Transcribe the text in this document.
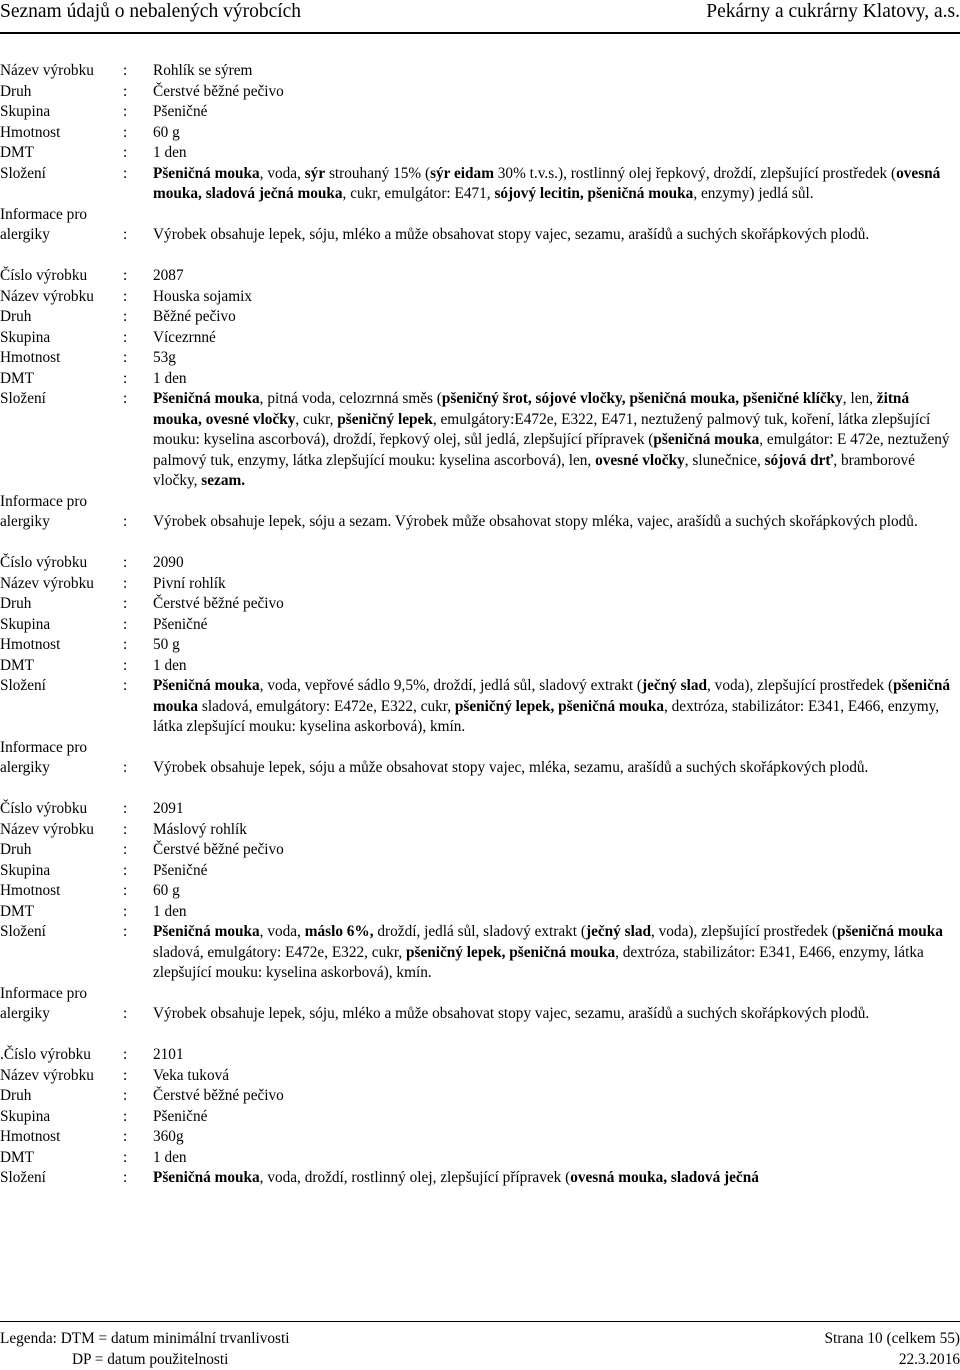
Seznam údajů o nebalených výrobcích	Pekárny a cukrárny Klatovy, a.s.
Název výrobku	:	Rohlík se sýrem
Druh	:	Čerstvé běžné pečivo
Skupina	:	Pšeničné
Hmotnost	:	60 g
DMT	:	1 den
Složení	:	Pšeničná mouka, voda, sýr strouhaný 15% (sýr eidam 30% t.v.s.), rostlinný olej řepkový, droždí, zlepšující prostředek (ovesná mouka, sladová ječná mouka, cukr, emulgátor: E471, sójový lecitin, pšeničná mouka, enzymy) jedlá sůl.
Informace pro
alergiky	:	Výrobek obsahuje lepek, sóju, mléko a může obsahovat stopy vajec, sezamu, arašídů a suchých skořápkových plodů.
Číslo výrobku	:	2087
Název výrobku	:	Houska sojamix
Druh	:	Běžné pečivo
Skupina	:	Vícezrnné
Hmotnost	:	53g
DMT	:	1 den
Složení	:	Pšeničná mouka, pitná voda, celozrnná směs (pšeničný šrot, sójové vločky, pšeničná mouka, pšeničné klíčky, len, žitná mouka, ovesné vločky, cukr, pšeničný lepek, emulgátory:E472e, E322, E471, neztužený palmový tuk, koření, látka zlepšující mouku: kyselina ascorbová), droždí, řepkový olej, sůl jedlá, zlepšující přípravek (pšeničná mouka, emulgátor: E 472e, neztužený palmový tuk, enzymy, látka zlepšující mouku: kyselina ascorbová), len, ovesné vločky, slunečnice, sójová drť, bramborové vločky, sezam.
Informace pro
alergiky	:	Výrobek obsahuje lepek, sóju a sezam. Výrobek může obsahovat stopy mléka, vajec, arašídů a suchých skořápkových plodů.
Číslo výrobku	:	2090
Název výrobku	:	Pivní rohlík
Druh	:	Čerstvé běžné pečivo
Skupina	:	Pšeničné
Hmotnost	:	50 g
DMT	:	1 den
Složení	:	Pšeničná mouka, voda, vepřové sádlo 9,5%, droždí, jedlá sůl, sladový extrakt (ječný slad, voda), zlepšující prostředek (pšeničná mouka sladová, emulgátory: E472e, E322, cukr, pšeničný lepek, pšeničná mouka, dextróza, stabilizátor: E341, E466, enzymy, látka zlepšující mouku: kyselina askorbová), kmín.
Informace pro
alergiky	:	Výrobek obsahuje lepek, sóju a může obsahovat stopy vajec, mléka, sezamu, arašídů a suchých skořápkových plodů.
Číslo výrobku	:	2091
Název výrobku	:	Máslový rohlík
Druh	:	Čerstvé běžné pečivo
Skupina	:	Pšeničné
Hmotnost	:	60 g
DMT	:	1 den
Složení	:	Pšeničná mouka, voda, máslo 6%, droždí, jedlá sůl, sladový extrakt (ječný slad, voda), zlepšující prostředek (pšeničná mouka sladová, emulgátory: E472e, E322, cukr, pšeničný lepek, pšeničná mouka, dextróza, stabilizátor: E341, E466, enzymy, látka zlepšující mouku: kyselina askorbová), kmín.
Informace pro
alergiky	:	Výrobek obsahuje lepek, sóju, mléko a může obsahovat stopy vajec, sezamu, arašídů a suchých skořápkových plodů.
.Číslo výrobku	:	2101
Název výrobku	:	Veka tuková
Druh	:	Čerstvé běžné pečivo
Skupina	:	Pšeničné
Hmotnost	:	360g
DMT	:	1 den
Složení	:	Pšeničná mouka, voda, droždí, rostlinný olej, zlepšující přípravek (ovesná mouka, sladová ječná
Legenda: DTM = datum minimální trvanlivosti
DP = datum použitelnosti
Strana 10 (celkem 55)
22.3.2016
